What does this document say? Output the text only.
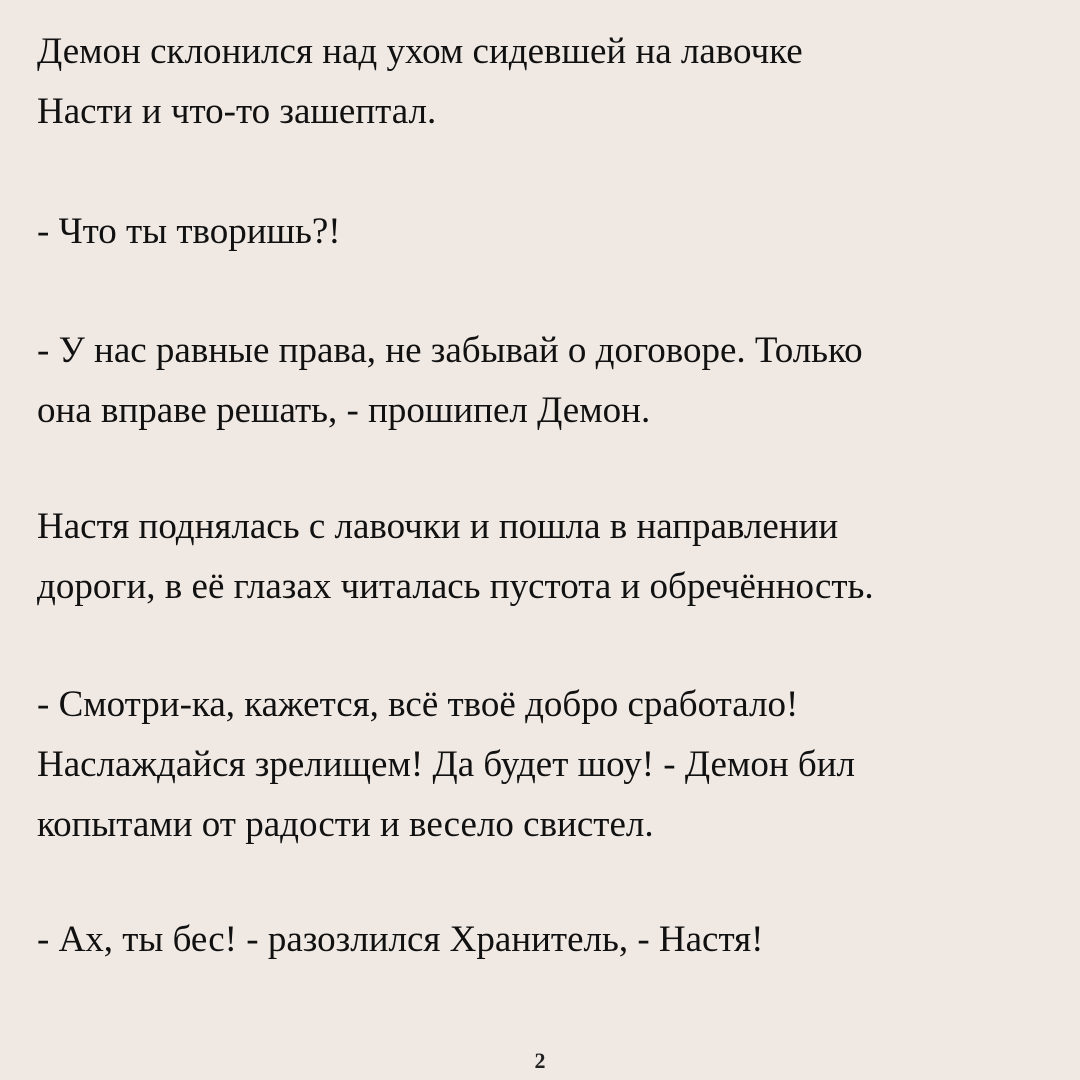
Демон склонился над ухом сидевшей на лавочке
Насти и что-то зашептал.

- Что ты творишь?!

- У нас равные права, не забывай о договоре. Только
она вправе решать, - прошипел Демон.

Настя поднялась с лавочки и пошла в направлении
дороги, в её глазах читалась пустота и обречённость.

- Смотри-ка, кажется, всё твоё добро сработало!
Наслаждайся зрелищем! Да будет шоу! - Демон бил
копытами от радости и весело свистел.

- Ах, ты бес! - разозлился Хранитель, - Настя!

2
